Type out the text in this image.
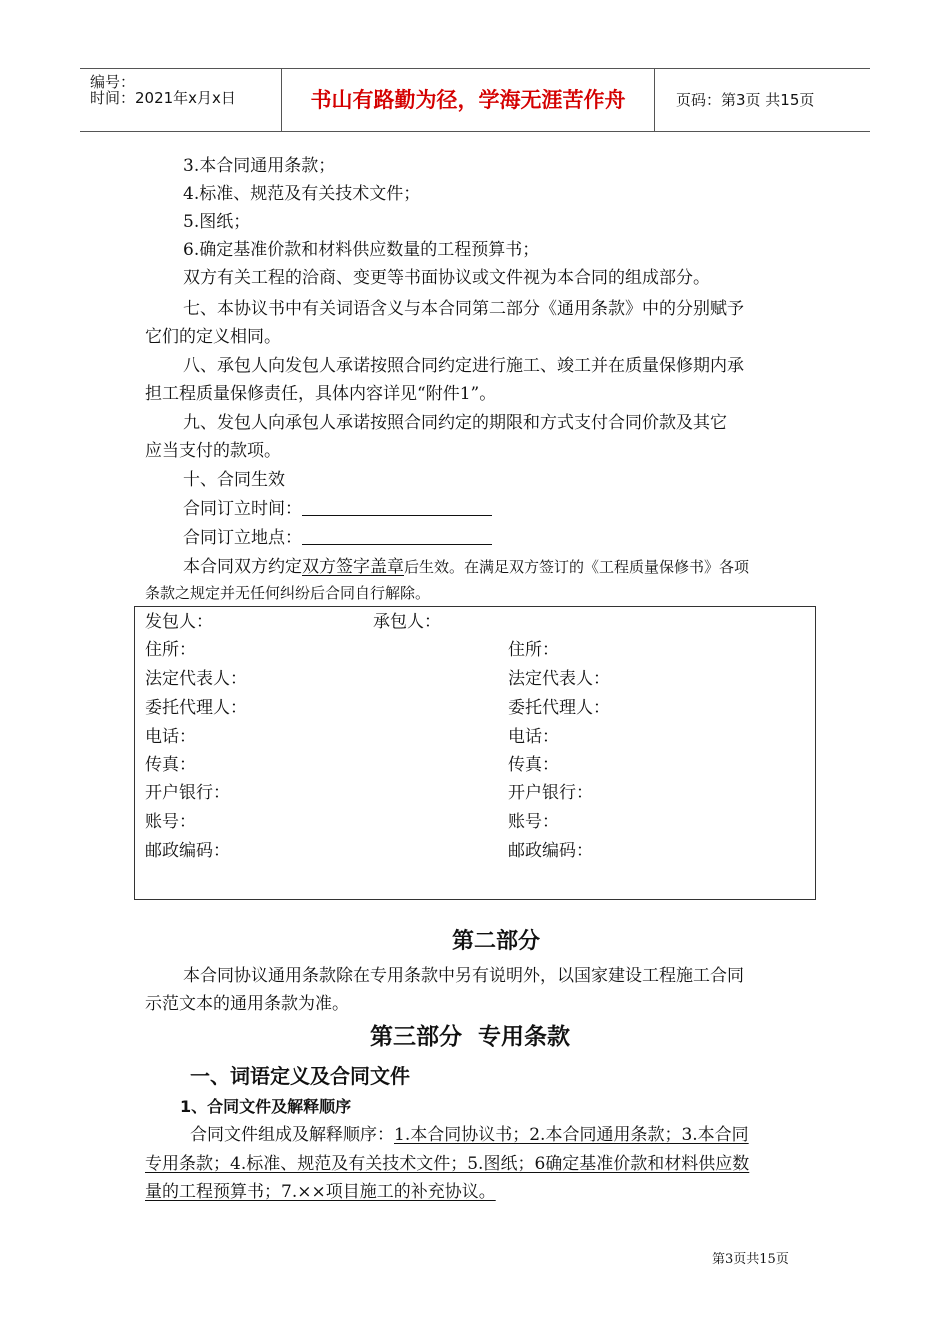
编号：
时间：2021年x月x日	书山有路勤为径，学海无涯苦作舟	页码：第3页 共15页
3.本合同通用条款；
4.标准、规范及有关技术文件；
5.图纸；
6.确定基准价款和材料供应数量的工程预算书；
双方有关工程的洽商、变更等书面协议或文件视为本合同的组成部分。
七、本协议书中有关词语含义与本合同第二部分《通用条款》中的分别赋予
它们的定义相同。
八、承包人向发包人承诺按照合同约定进行施工、竣工并在质量保修期内承
担工程质量保修责任，具体内容详见“附件1”。
九、发包人向承包人承诺按照合同约定的期限和方式支付合同价款及其它
应当支付的款项。
十、合同生效
合同订立时间：
合同订立地点：
本合同双方约定双方签字盖章后生效。在满足双方签订的《工程质量保修书》各项
条款之规定并无任何纠纷后合同自行解除。
发包人：	承包人：
住所：	住所：
法定代表人：	法定代表人：
委托代理人：	委托代理人：
电话：	电话：
传真：	传真：
开户银行：	开户银行：
账号：	账号：
邮政编码：	邮政编码：
第二部分
本合同协议通用条款除在专用条款中另有说明外，以国家建设工程施工合同
示范文本的通用条款为准。
第三部分  专用条款
一、词语定义及合同文件
1、合同文件及解释顺序
合同文件组成及解释顺序：1.本合同协议书；2.本合同通用条款；3.本合同
专用条款；4.标准、规范及有关技术文件；5.图纸；6确定基准价款和材料供应数
量的工程预算书；7.××项目施工的补充协议。
第3页共15页
